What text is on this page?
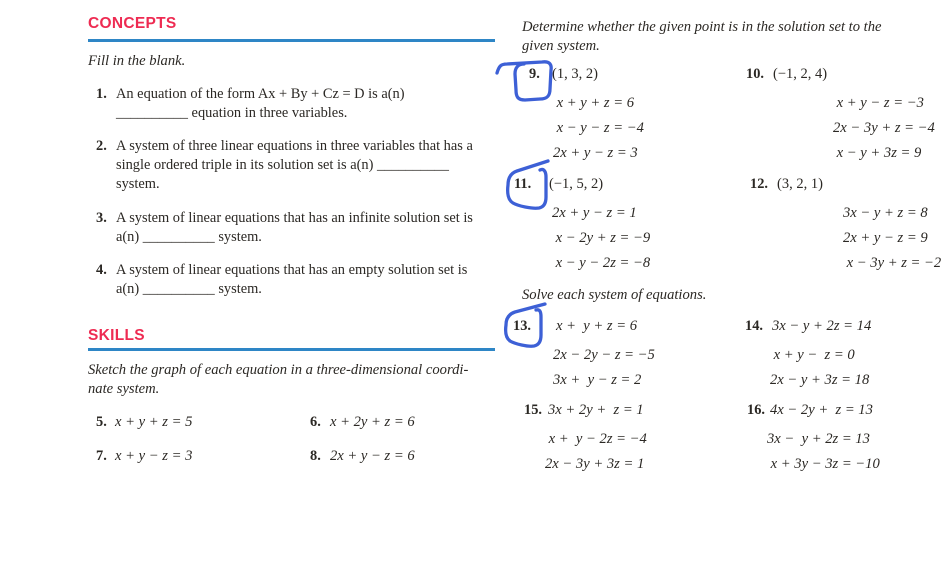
CONCEPTS
Fill in the blank.
1. An equation of the form Ax + By + Cz = D is a(n)
__________ equation in three variables.
2. A system of three linear equations in three variables that has a
single ordered triple in its solution set is a(n) __________
system.
3. A system of linear equations that has an infinite solution set is
a(n) __________ system.
4. A system of linear equations that has an empty solution set is
a(n) __________ system.
SKILLS
Sketch the graph of each equation in a three-dimensional coordi-
nate system.
5. x + y + z = 5	6. x + 2y + z = 6
7. x + y − z = 3	8. 2x + y − z = 6
Determine whether the given point is in the solution set to the
given system.
9. (1, 3, 2)
x + y + z = 6
x − y − z = −4
2x + y − z = 3
10. (−1, 2, 4)
x + y − z = −3
2x − 3y + z = −4
x − y + 3z = 9
11. (−1, 5, 2)
2x + y − z = 1
x − 2y + z = −9
x − y − 2z = −8
12. (3, 2, 1)
3x − y + z = 8
2x + y − z = 9
x − 3y + z = −2
Solve each system of equations.
13. x +  y + z = 6
2x − 2y − z = −5
3x +  y − z = 2
14. 3x − y + 2z = 14
x + y −  z = 0
2x − y + 3z = 18
15. 3x + 2y +  z = 1
x +  y − 2z = −4
2x − 3y + 3z = 1
16. 4x − 2y +  z = 13
3x −  y + 2z = 13
x + 3y − 3z = −10
